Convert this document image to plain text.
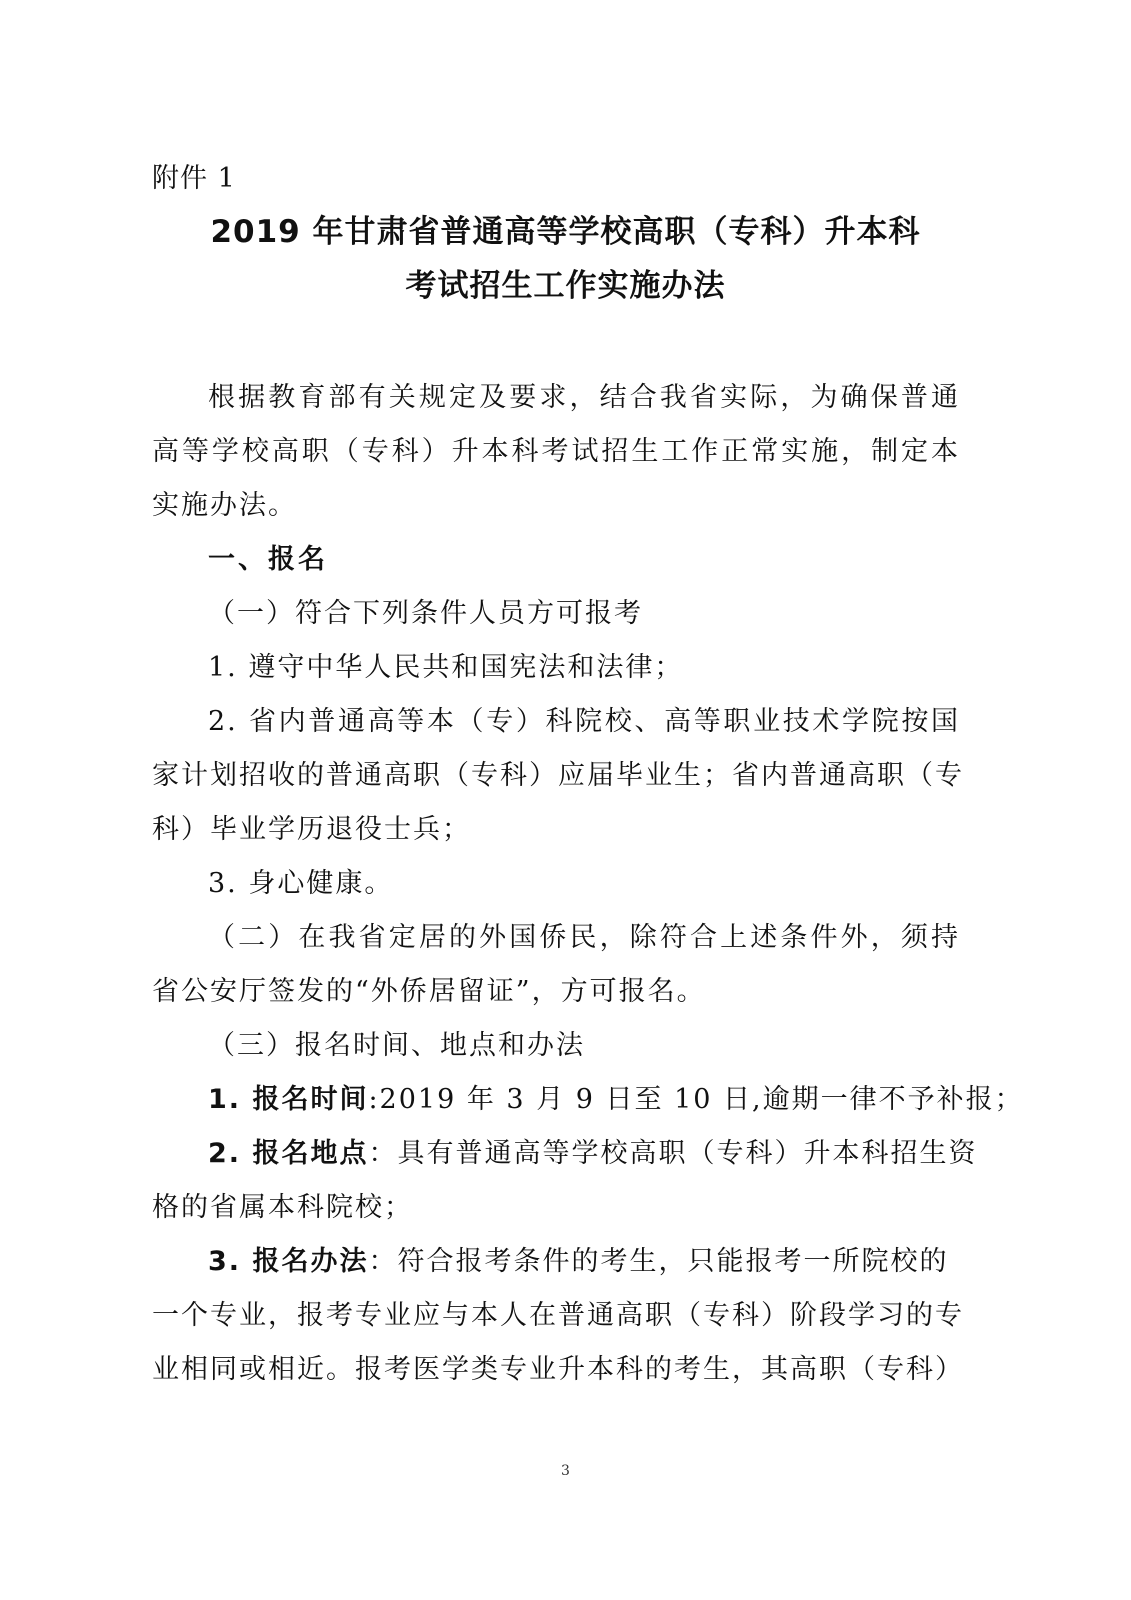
附件 1
2019 年甘肃省普通高等学校高职（专科）升本科
考试招生工作实施办法
根据教育部有关规定及要求，结合我省实际，为确保普通
高等学校高职（专科）升本科考试招生工作正常实施，制定本
实施办法。
一、报名
（一）符合下列条件人员方可报考
1. 遵守中华人民共和国宪法和法律；
2. 省内普通高等本（专）科院校、高等职业技术学院按国
家计划招收的普通高职（专科）应届毕业生；省内普通高职（专
科）毕业学历退役士兵；
3. 身心健康。
（二）在我省定居的外国侨民，除符合上述条件外，须持
省公安厅签发的“外侨居留证”，方可报名。
（三）报名时间、地点和办法
1. 报名时间:2019 年 3 月 9 日至 10 日,逾期一律不予补报；
2. 报名地点：具有普通高等学校高职（专科）升本科招生资
格的省属本科院校；
3. 报名办法：符合报考条件的考生，只能报考一所院校的
一个专业，报考专业应与本人在普通高职（专科）阶段学习的专
业相同或相近。报考医学类专业升本科的考生，其高职（专科）
3
